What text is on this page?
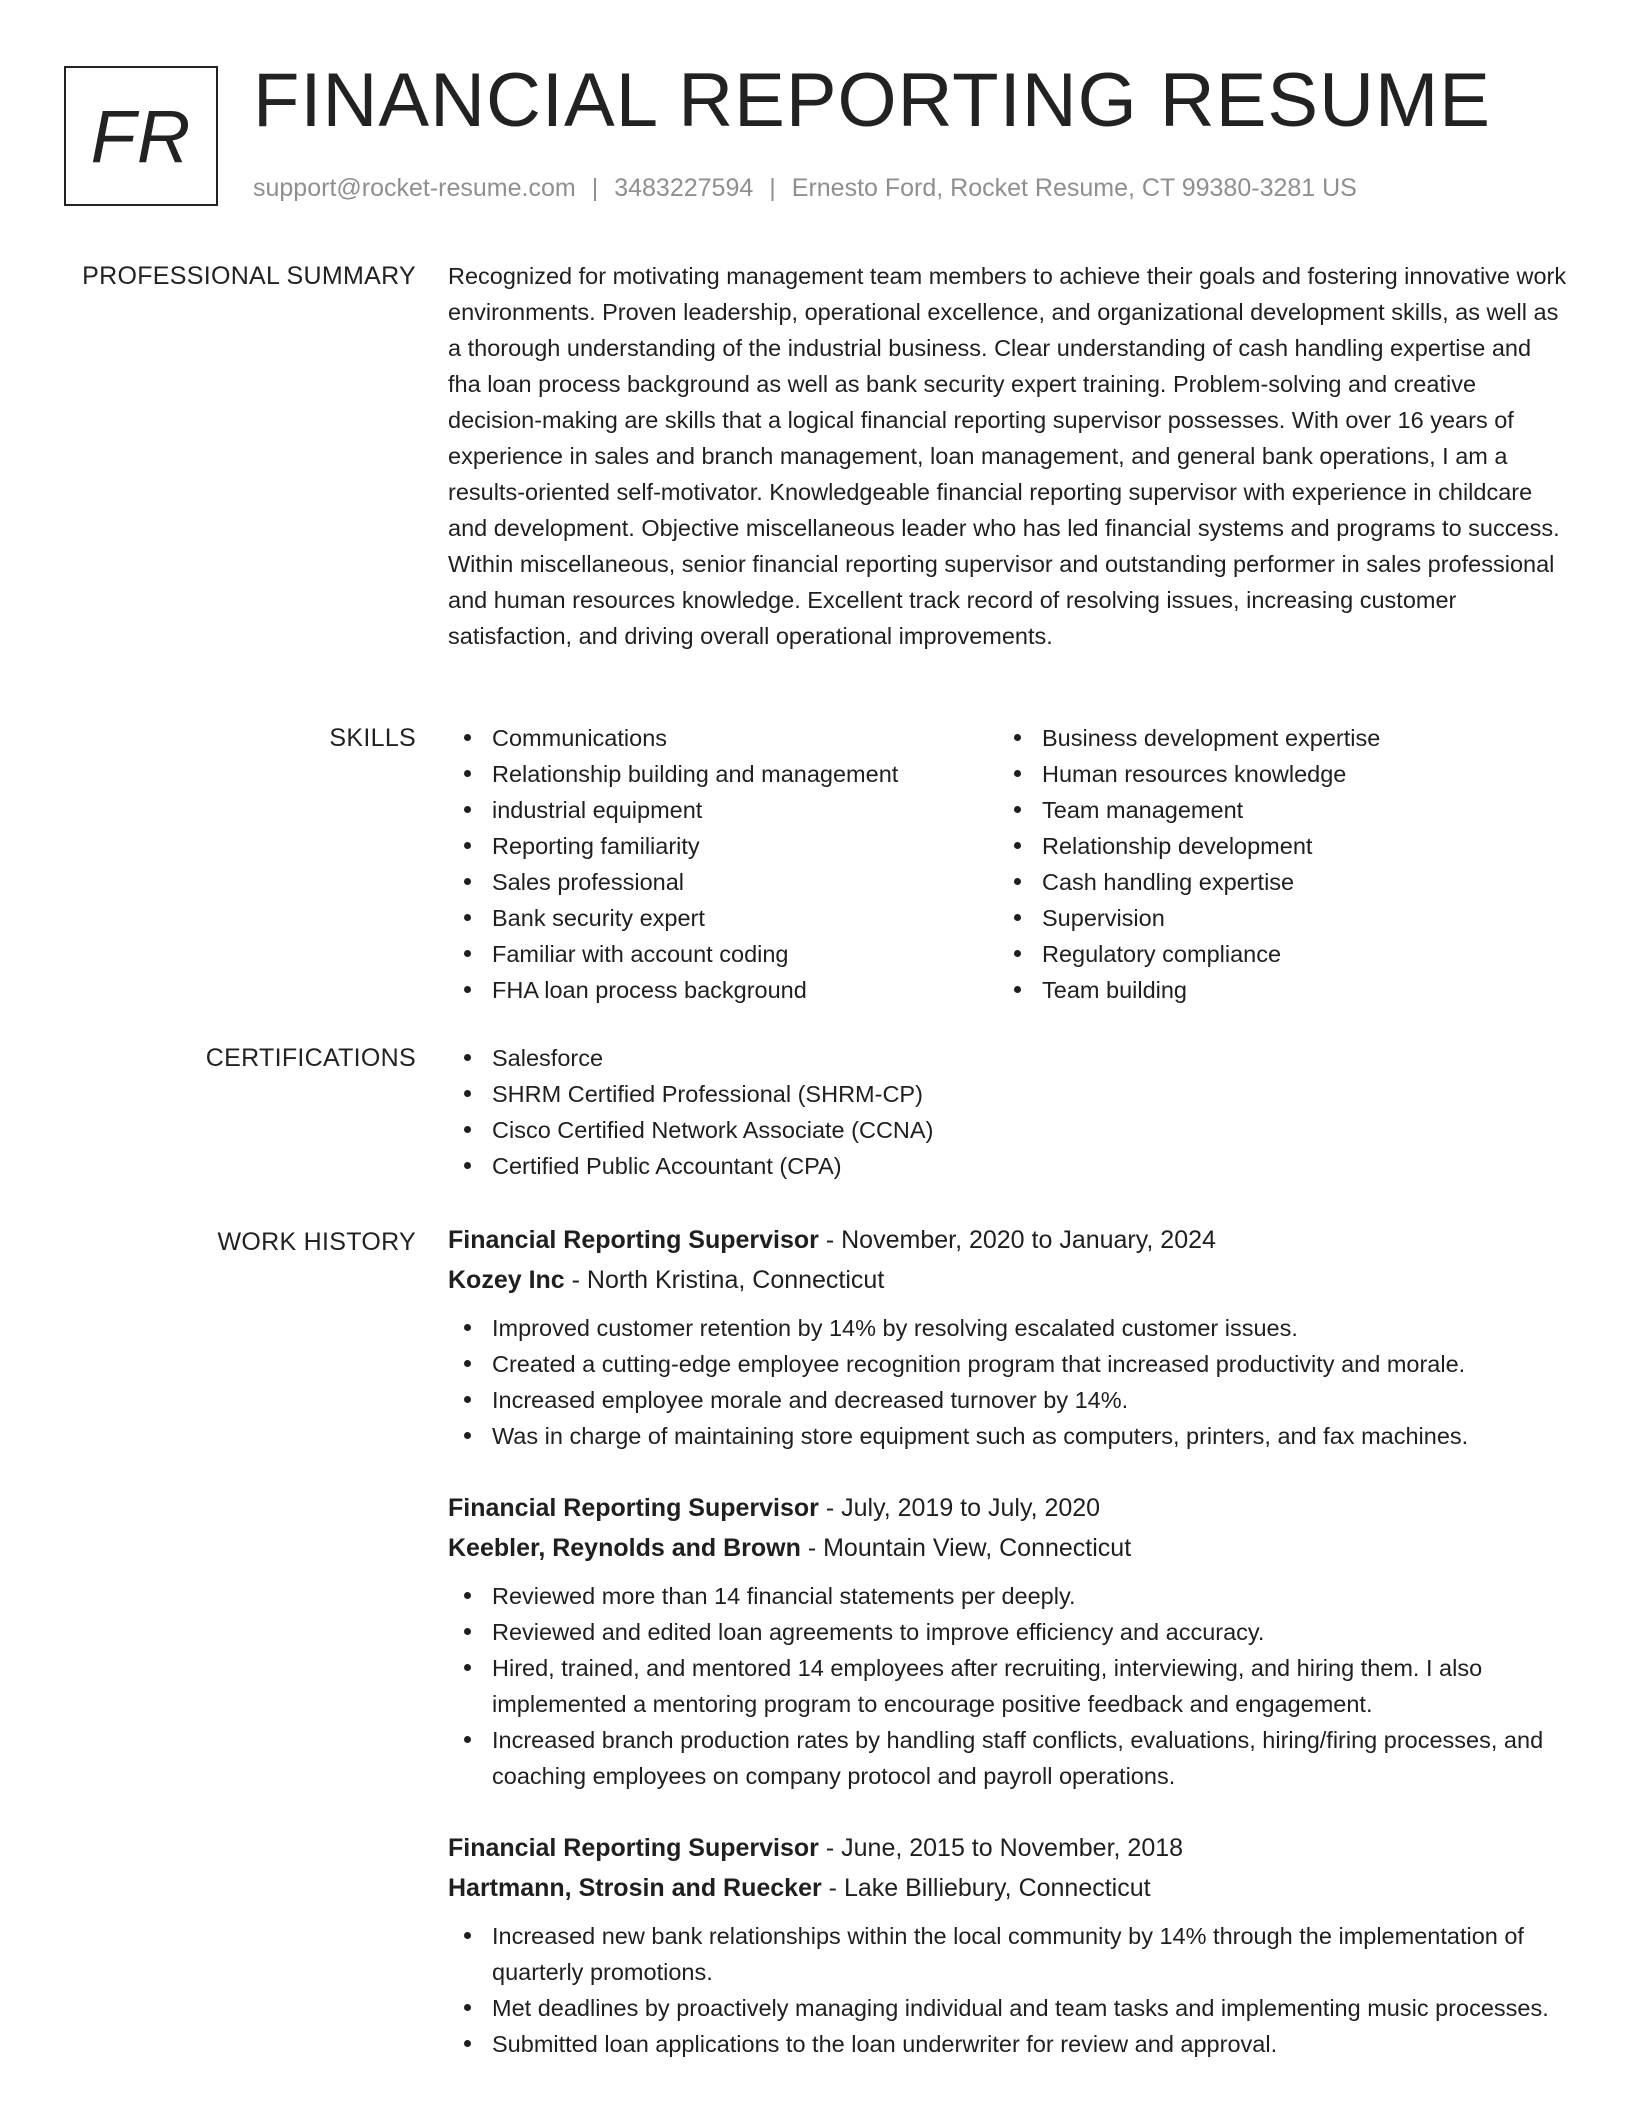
FR FINANCIAL REPORTING RESUME
support@rocket-resume.com | 3483227594 | Ernesto Ford, Rocket Resume, CT 99380-3281 US
PROFESSIONAL SUMMARY Recognized for motivating management team members to achieve their goals and fostering innovative work environments. Proven leadership, operational excellence, and organizational development skills, as well as a thorough understanding of the industrial business. Clear understanding of cash handling expertise and fha loan process background as well as bank security expert training. Problem-solving and creative decision-making are skills that a logical financial reporting supervisor possesses. With over 16 years of experience in sales and branch management, loan management, and general bank operations, I am a results-oriented self-motivator. Knowledgeable financial reporting supervisor with experience in childcare and development. Objective miscellaneous leader who has led financial systems and programs to success. Within miscellaneous, senior financial reporting supervisor and outstanding performer in sales professional and human resources knowledge. Excellent track record of resolving issues, increasing customer satisfaction, and driving overall operational improvements.

SKILLS	Communications
Relationship building and management
industrial equipment
Reporting familiarity
Sales professional
Bank security expert
Familiar with account coding
FHA loan process background
Business development expertise
Human resources knowledge
Team management
Relationship development
Cash handling expertise
Supervision
Regulatory compliance
Team building
CERTIFICATIONS	Salesforce
SHRM Certified Professional (SHRM-CP)
Cisco Certified Network Associate (CCNA)
Certified Public Accountant (CPA)
WORK HISTORY Financial Reporting Supervisor - November, 2020 to January, 2024
Kozey Inc - North Kristina, Connecticut
Improved customer retention by 14% by resolving escalated customer issues.
Created a cutting-edge employee recognition program that increased productivity and morale.
Increased employee morale and decreased turnover by 14%.
Was in charge of maintaining store equipment such as computers, printers, and fax machines.
Financial Reporting Supervisor - July, 2019 to July, 2020
Keebler, Reynolds and Brown - Mountain View, Connecticut
Reviewed more than 14 financial statements per deeply.
Reviewed and edited loan agreements to improve efficiency and accuracy.
Hired, trained, and mentored 14 employees after recruiting, interviewing, and hiring them. I also implemented a mentoring program to encourage positive feedback and engagement.
Increased branch production rates by handling staff conflicts, evaluations, hiring/firing processes, and coaching employees on company protocol and payroll operations.
Financial Reporting Supervisor - June, 2015 to November, 2018
Hartmann, Strosin and Ruecker - Lake Billiebury, Connecticut
Increased new bank relationships within the local community by 14% through the implementation of quarterly promotions.
Met deadlines by proactively managing individual and team tasks and implementing music processes.
Submitted loan applications to the loan underwriter for review and approval.
